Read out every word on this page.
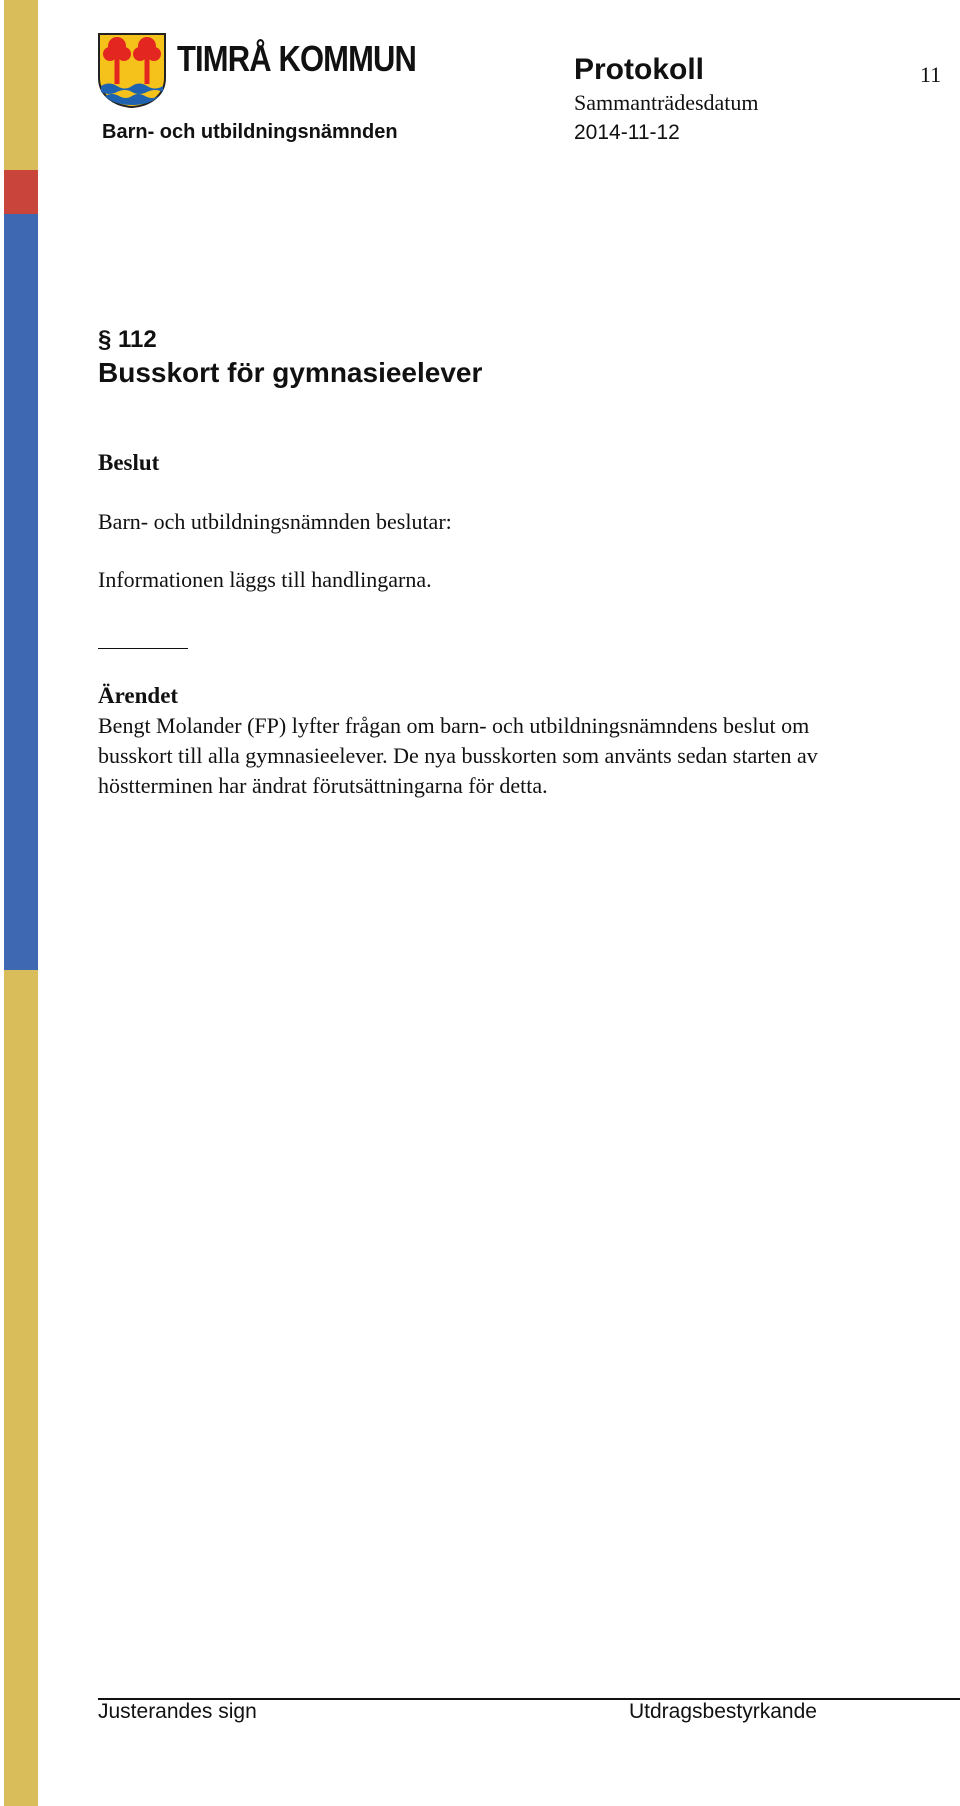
TIMRÅ KOMMUN
Barn- och utbildningsnämnden
Protokoll	11
Sammanträdesdatum
2014-11-12
§ 112
Busskort för gymnasieelever
Beslut
Barn- och utbildningsnämnden beslutar:
Informationen läggs till handlingarna.
Ärendet
Bengt Molander (FP) lyfter frågan om barn- och utbildningsnämndens beslut om
busskort till alla gymnasieelever. De nya busskorten som använts sedan starten av
höstterminen har ändrat förutsättningarna för detta.
Justerandes sign	Utdragsbestyrkande
